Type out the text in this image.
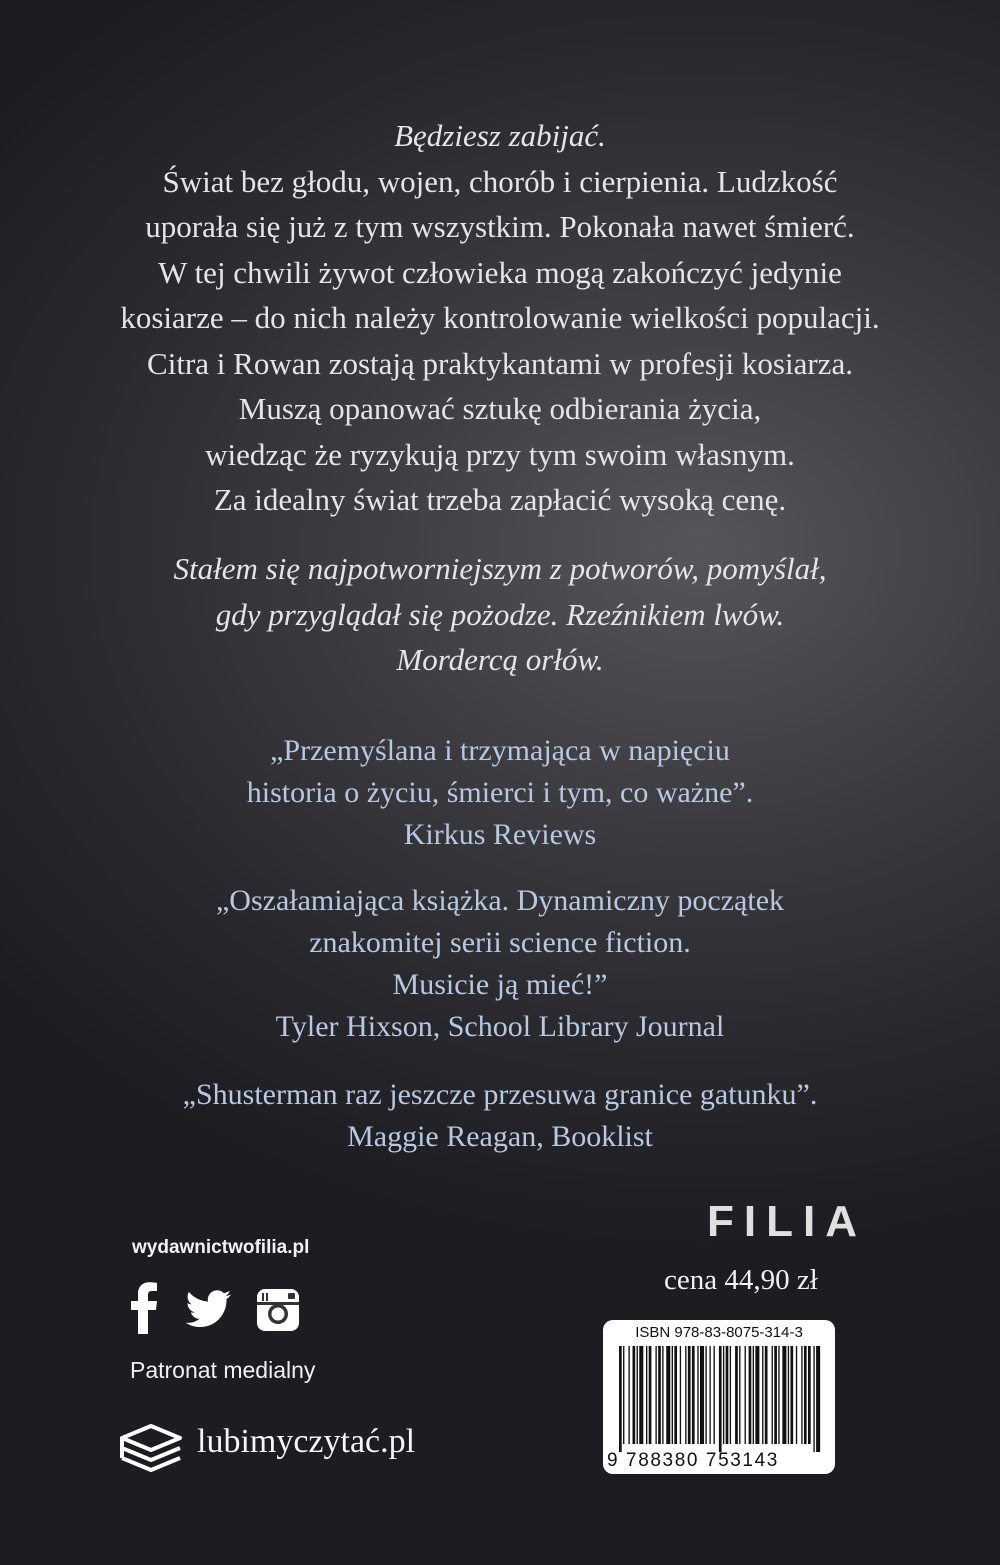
Będziesz zabijać.
Świat bez głodu, wojen, chorób i cierpienia. Ludzkość
uporała się już z tym wszystkim. Pokonała nawet śmierć.
W tej chwili żywot człowieka mogą zakończyć jedynie
kosiarze – do nich należy kontrolowanie wielkości populacji.
Citra i Rowan zostają praktykantami w profesji kosiarza.
Muszą opanować sztukę odbierania życia,
wiedząc że ryzykują przy tym swoim własnym.
Za idealny świat trzeba zapłacić wysoką cenę.
Stałem się najpotworniejszym z potworów, pomyślał,
gdy przyglądał się pożodze. Rzeźnikiem lwów.
Mordercą orłów.
„Przemyślana i trzymająca w napięciu
historia o życiu, śmierci i tym, co ważne”.
Kirkus Reviews
„Oszałamiająca książka. Dynamiczny początek
znakomitej serii science fiction.
Musicie ją mieć!”
Tyler Hixson, School Library Journal
„Shusterman raz jeszcze przesuwa granice gatunku”.
Maggie Reagan, Booklist
wydawnictwofilia.pl
Patronat medialny
lubimyczytać.pl
FILIA
cena 44,90 zł
ISBN 978-83-8075-314-3
9 788380 753143
